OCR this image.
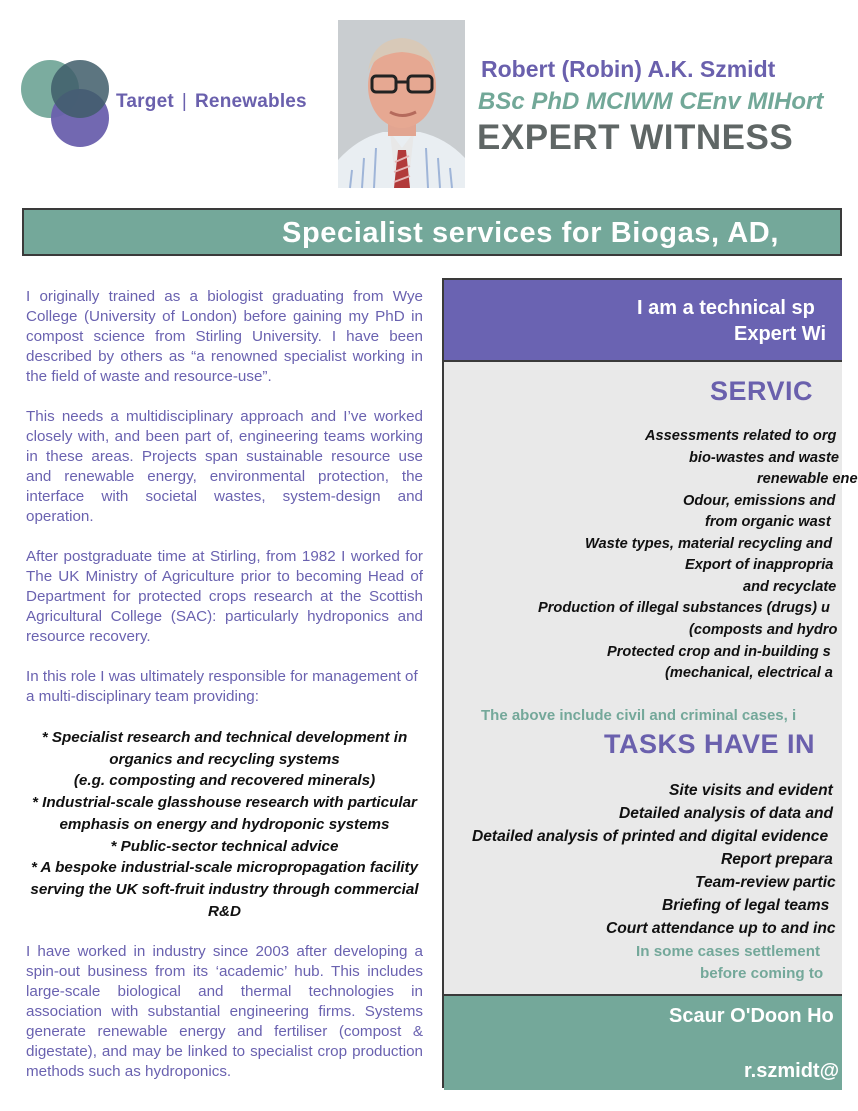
Target | Renewables
Robert (Robin) A.K. Szmidt
BSc PhD MCIWM CEnv MIHort
EXPERT WITNESS
Specialist services for Biogas, AD,

I originally trained as a biologist graduating from Wye College (University of London) before gaining my PhD in compost science from Stirling University. I have been described by others as “a renowned specialist working in the field of waste and resource-use”.

This needs a multidisciplinary approach and I’ve worked closely with, and been part of, engineering teams working in these areas. Projects span sustainable resource use and renewable energy, environmental protection, the interface with societal wastes, system-design and operation.

After postgraduate time at Stirling, from 1982 I worked for The UK Ministry of Agriculture prior to becoming Head of Department for protected crops research at the Scottish Agricultural College (SAC): particularly hydroponics and resource recovery.

In this role I was ultimately responsible for management of a multi-disciplinary team providing:

* Specialist research and technical development in organics and recycling systems
(e.g. composting and recovered minerals)
* Industrial-scale glasshouse research with particular emphasis on energy and hydroponic systems
* Public-sector technical advice
* A bespoke industrial-scale micropropagation facility serving the UK soft-fruit industry through commercial R&D

I have worked in industry since 2003 after developing a spin-out business from its ‘academic’ hub. This includes large-scale biological and thermal technologies in association with substantial engineering firms. Systems generate renewable energy and fertiliser (compost & digestate), and may be linked to specialist crop production methods such as hydroponics.

I am a technical sp
Expert Wi
SERVIC
Assessments related to org
bio-wastes and waste
renewable ene
Odour, emissions and
from organic wast
Waste types, material recycling and
Export of inappropria
and recyclate
Production of illegal substances (drugs) u
(composts and hydro
Protected crop and in-building s
(mechanical, electrical a
The above include civil and criminal cases, i
TASKS HAVE IN
Site visits and evident
Detailed analysis of data and
Detailed analysis of printed and digital evidence
Report prepara
Team-review partic
Briefing of legal teams
Court attendance up to and inc
In some cases settlement
before coming to
Scaur O'Doon Ho
r.szmidt@
